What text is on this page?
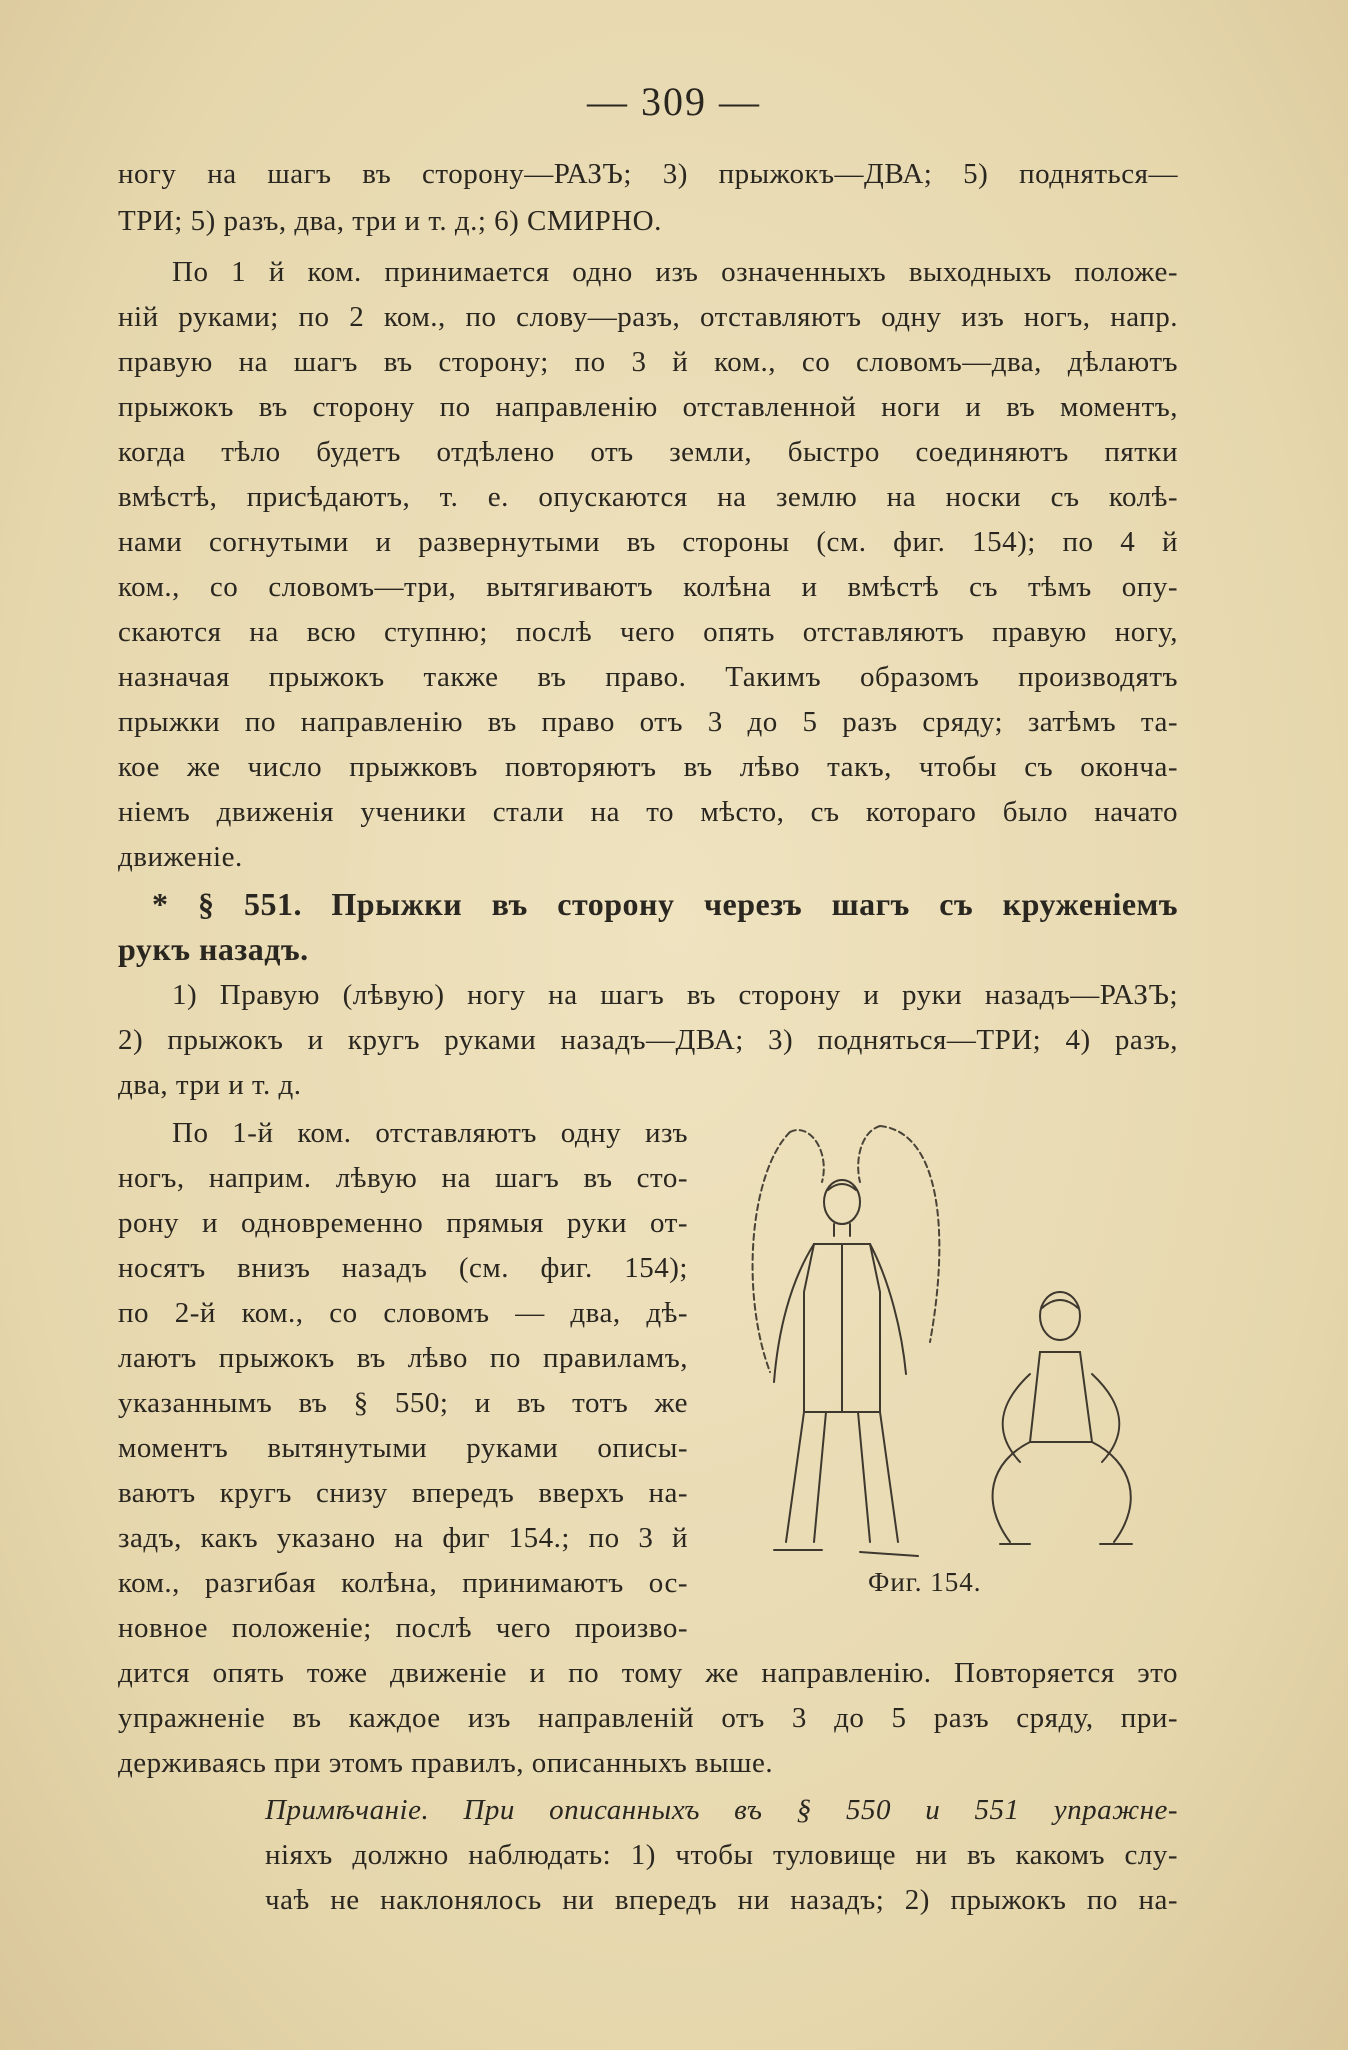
— 309 —
ногу на шагъ въ сторону—РАЗЪ; 3) прыжокъ—ДВА; 5) подняться—
ТРИ; 5) разъ, два, три и т. д.; 6) СМИРНО.
По 1 й ком. принимается одно изъ означенныхъ выходныхъ положе-
ній руками; по 2 ком., по слову—разъ, отставляютъ одну изъ ногъ, напр.
правую на шагъ въ сторону; по 3 й ком., со словомъ—два, дѣлаютъ
прыжокъ въ сторону по направленію отставленной ноги и въ моментъ,
когда тѣло будетъ отдѣлено отъ земли, быстро соединяютъ пятки
вмѣстѣ, присѣдаютъ, т. е. опускаются на землю на носки съ колѣ-
нами согнутыми и развернутыми въ стороны (см. фиг. 154); по 4 й
ком., со словомъ—три, вытягиваютъ колѣна и вмѣстѣ съ тѣмъ опу-
скаются на всю ступню; послѣ чего опять отставляютъ правую ногу,
назначая прыжокъ также въ право. Такимъ образомъ производятъ
прыжки по направленію въ право отъ 3 до 5 разъ сряду; затѣмъ та-
кое же число прыжковъ повторяютъ въ лѣво такъ, чтобы съ оконча-
ніемъ движенія ученики стали на то мѣсто, съ котораго было начато
движеніе.
* § 551. Прыжки въ сторону черезъ шагъ съ круженіемъ
рукъ назадъ.
1) Правую (лѣвую) ногу на шагъ въ сторону и руки назадъ—РАЗЪ;
2) прыжокъ и кругъ руками назадъ—ДВА; 3) подняться—ТРИ; 4) разъ,
два, три и т. д.
По 1-й ком. отставляютъ одну изъ
ногъ, наприм. лѣвую на шагъ въ сто-
рону и одновременно прямыя руки от-
носятъ внизъ назадъ (см. фиг. 154);
по 2-й ком., со словомъ — два, дѣ-
лаютъ прыжокъ въ лѣво по правиламъ,
указаннымъ въ § 550; и въ тотъ же
моментъ вытянутыми руками описы-
ваютъ кругъ снизу впередъ вверхъ на-
задъ, какъ указано на фиг 154.; по 3 й
ком., разгибая колѣна, принимаютъ ос-
новное положеніе; послѣ чего произво-
дится опять тоже движеніе и по тому же направленію. Повторяется это
упражненіе въ каждое изъ направленій отъ 3 до 5 разъ сряду, при-
держиваясь при этомъ правилъ, описанныхъ выше.
Примѣчаніе. При описанныхъ въ § 550 и 551 упражне-
ніяхъ должно наблюдать: 1) чтобы туловище ни въ какомъ слу-
чаѣ не наклонялось ни впередъ ни назадъ; 2) прыжокъ по на-
Фиг. 154.
